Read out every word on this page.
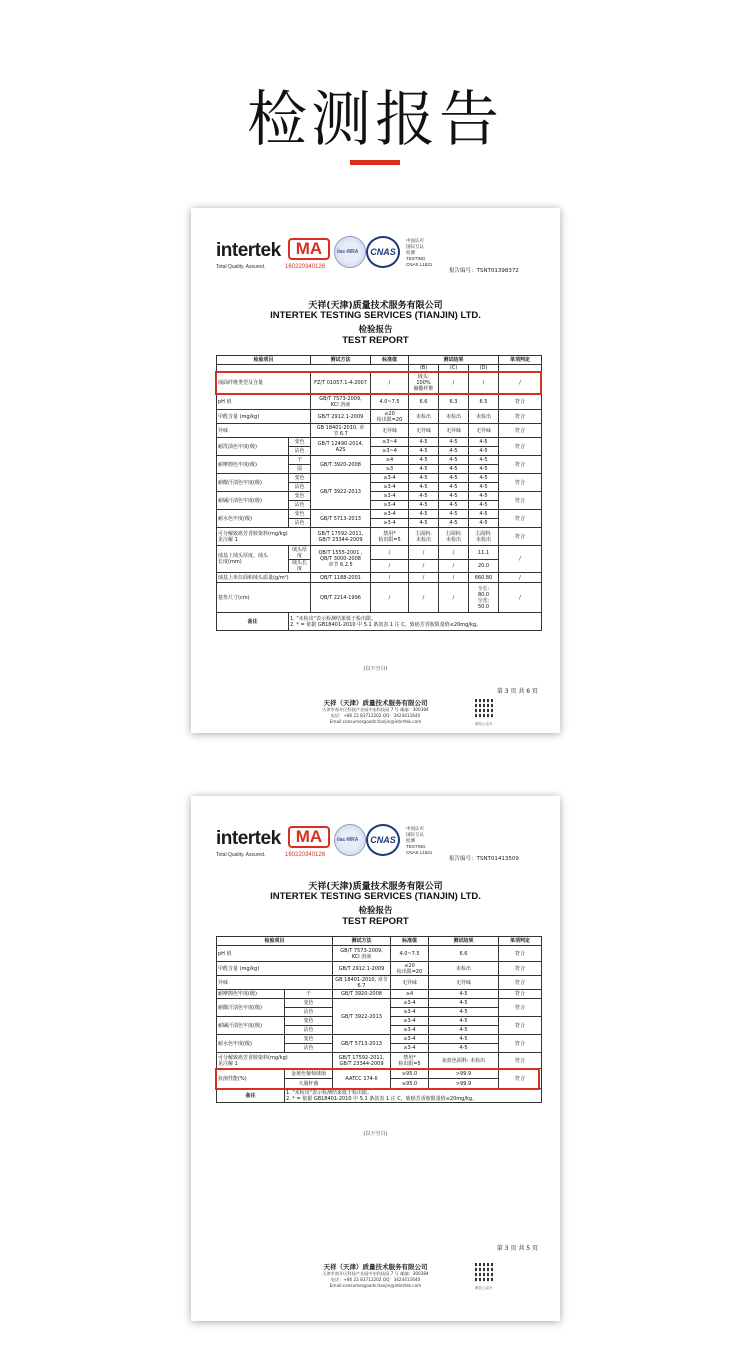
检测报告
intertek
Total Quality. Assured.
MA
160220340126
ilac-MRA	CNAS
中国认可
国际互认
检测
TESTING
CNAS L1621
报告编号：TSNT01398372
天祥(天津)质量技术服务有限公司
INTERTEK TESTING SERVICES (TIANJIN) LTD.
检验报告
TEST REPORT
检验项目		测试方法	标准值	测试结果			单项判定
				(B)	(C)	(D)	
绒面纤维类型及含量		FZ/T 01057.1-4-2007	/	绒头:
100%
聚酯纤维	/	/	/
pH 值		GB/T 7573-2009,
KCl 溶液	4.0~7.5	6.6	6.3	6.5	符合
甲醛含量 (mg/kg)		GB/T 2912.1-2009	≤20
检出限=20	未检出	未检出	未检出	符合
异味		GB 18401-2010, 章
节 6.7	无异味	无异味	无异味	无异味	符合
耐洗渍色牢度(级)	变色	GB/T 12490-2014,
A2S	≥3~4	4-5	4-5	4-5	符合
	沾色		≥3~4	4-5	4-5	4-5	
耐摩擦色牢度(级)	干	GB/T 3920-2008	≥4	4-5	4-5	4-5	符合
	湿		≥3	4-5	4-5	4-5	
耐酸汗渍色牢度(级)	变色	GB/T 3922-2013	≥3-4	4-5	4-5	4-5	符合
	沾色		≥3-4	4-5	4-5	4-5	
耐碱汗渍色牢度(级)	变色		≥3-4	4-5	4-5	4-5	符合
	沾色		≥3-4	4-5	4-5	4-5	
耐水色牢度(级)	变色	GB/T 5713-2013	≥3-4	4-5	4-5	4-5	符合
	沾色		≥3-4	4-5	4-5	4-5	
可分解致癌芳香胺染料(mg/kg)
见注解 1		GB/T 17592-2011,
GB/T 23344-2009	禁用*
检出限=5	主面料:
未检出	主面料:
未检出	主面料:
未检出	符合
绒基上绒头厚度、绒头
长度(mm)	绒头厚度	QB/T 1555-2001 ,
QB/T 3000-2008
章节 6.2.5	/	/	/	11.1	/
	绒头长度		/	/	/	20.0	
绒基上单位面积绒头质量(g/m²)		QB/T 1188-2001	/	/	/	660.80	/
毯垫尺寸(cm)		QB/T 2214-1996	/	/	/	全长:
80.0
全宽:
50.0	/
备注	1. "未检出"表示检测结果低于检出限。
2. * = 依据 GB18401-2010 中 5.1 条款表 1 注 C，致癌芳香胺限量值≤20mg/kg。						
(以下空白)
第 3 页 共 6 页
天祥（天津）质量技术服务有限公司
天津市南开区科技产业园中冶科技园 7 号 邮编：300384
电话：+86 22 83712202 QQ：3424411640
Email:consumergoods.tianjin@intertek.com	微信公众号
intertek
Total Quality. Assured.
MA
160220340126
ilac-MRA	CNAS
中国认可
国际互认
检测
TESTING
CNAS L1621
报告编号：TSNT01413509
天祥(天津)质量技术服务有限公司
INTERTEK TESTING SERVICES (TIANJIN) LTD.
检验报告
TEST REPORT
检验项目		测试方法	标准值	测试结果	单项判定
pH 值		GB/T 7573-2009,
KCl 溶液	4.0~7.5	6.6	符合
甲醛含量 (mg/kg)		GB/T 2912.1-2009	≤20
检出限=20	未检出	符合
异味		GB 18401-2010, 章节
6.7	无异味	无异味	符合
耐摩擦色牢度(级)	干	GB/T 3920-2008	≥4	4-5	符合
耐酸汗渍色牢度(级)	变色	GB/T 3922-2013	≥3-4	4-5	符合
	沾色		≥3-4	4-5	
耐碱汗渍色牢度(级)	变色		≥3-4	4-5	符合
	沾色		≥3-4	4-5	
耐水色牢度(级)	变色	GB/T 5713-2013	≥3-4	4-5	符合
	沾色		≥3-4	4-5	
可分解致癌芳香胺染料(mg/kg)
见注解 1		GB/T 17592-2011,
GB/T 23344-2009	禁用*
检出限=5	灰蓝色面料: 未检出	符合
抗菌性能(%)	金黄色葡萄球菌	AATCC 174-II	≥95.0	>99.9	符合
	大肠杆菌		≥95.0	>99.9	
备注	1. "未检出"表示检测结果低于检出限。
2. * = 依据 GB18401-2010 中 5.1 条款表 1 注 C，致癌芳香胺限量值≤20mg/kg。				
(以下空白)
第 3 页 共 5 页
天祥（天津）质量技术服务有限公司
天津市南开区科技产业园中冶科技园 7 号 邮编：300384
电话：+86 22 83712202 QQ：3424411640
Email:consumergoods.tianjin@intertek.com	微信公众号
